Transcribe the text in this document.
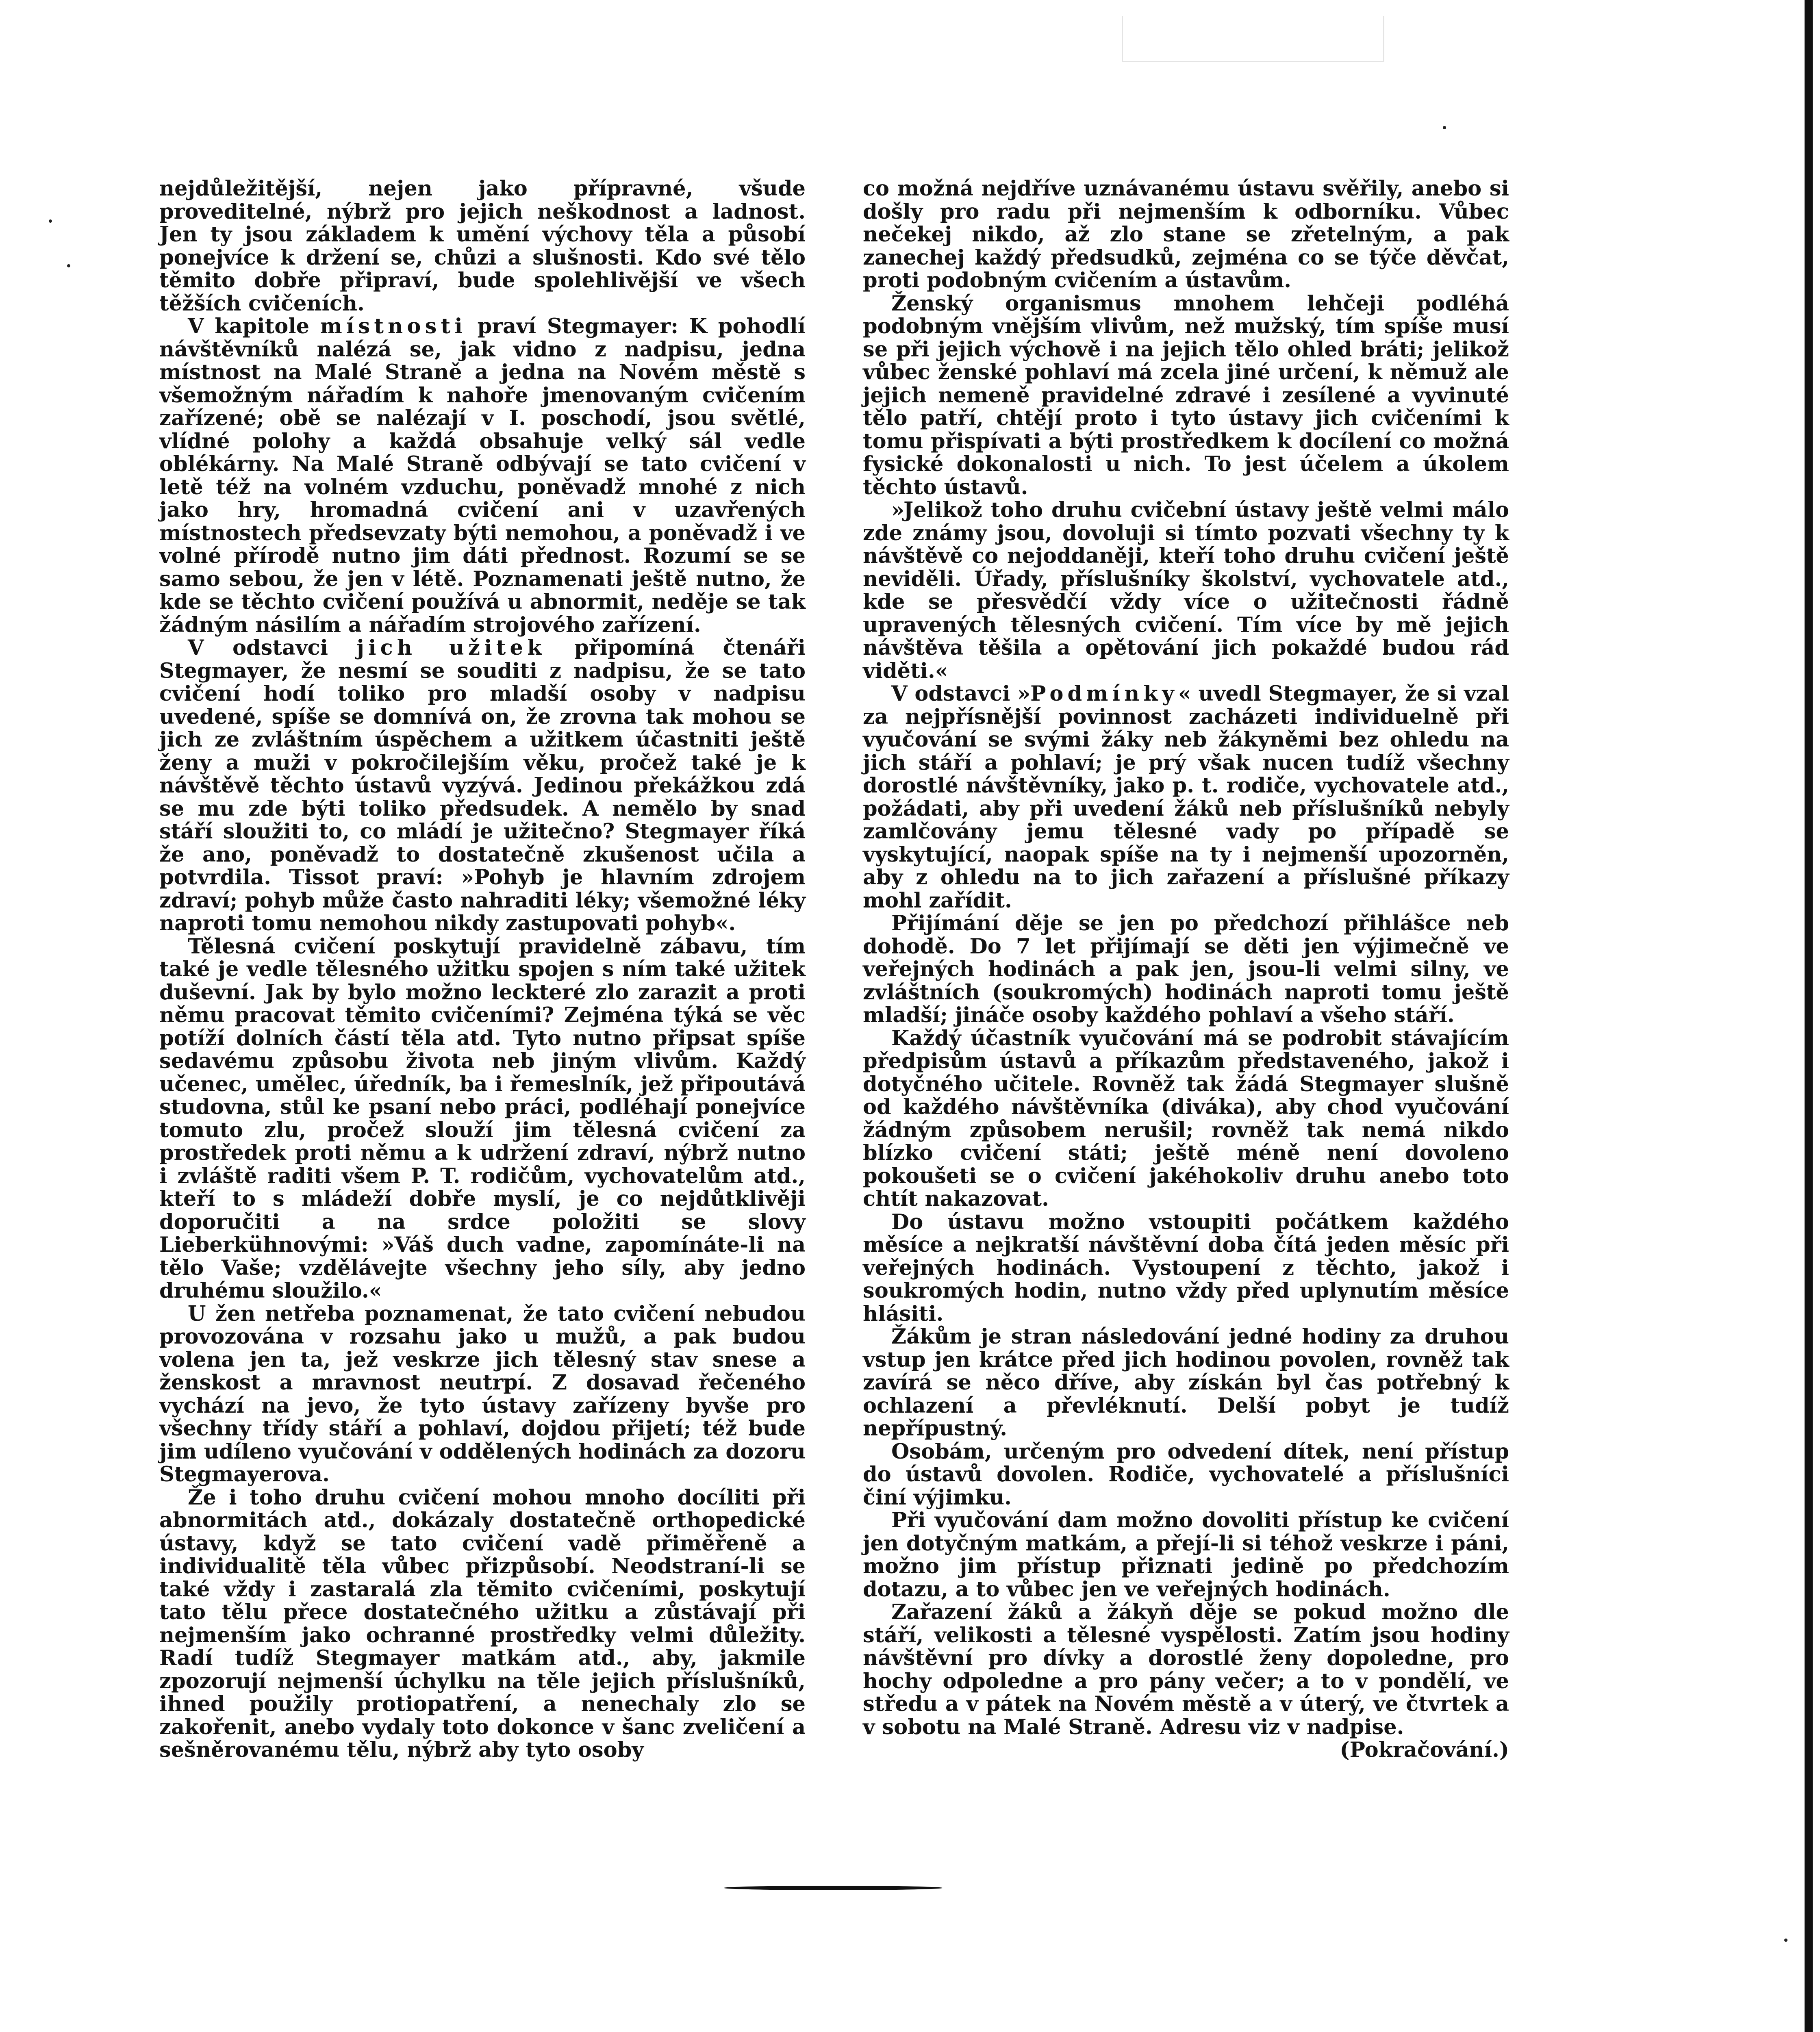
nejdůležitější, nejen jako přípravné, všude proveditelné, nýbrž pro jejich neškodnost a ladnost. Jen ty jsou základem k umění výchovy těla a působí ponejvíce k držení se, chůzi a slušnosti. Kdo své tělo těmito dobře připraví, bude spolehlivější ve všech těžších cvičeních.

V kapitole místnosti praví Stegmayer: K pohodlí návštěvníků nalézá se, jak vidno z nadpisu, jedna místnost na Malé Straně a jedna na Novém městě s všemožným nářadím k nahoře jmenovaným cvičením zařízené; obě se nalézají v I. poschodí, jsou světlé, vlídné polohy a každá obsahuje velký sál vedle oblékárny. Na Malé Straně odbývají se tato cvičení v letě též na volném vzduchu, poněvadž mnohé z nich jako hry, hromadná cvičení ani v uzavřených místnostech předsevzaty býti nemohou, a poněvadž i ve volné přírodě nutno jim dáti přednost. Rozumí se se samo sebou, že jen v létě. Poznamenati ještě nutno, že kde se těchto cvičení používá u abnormit, neděje se tak žádným násilím a nářadím strojového zařízení.

V odstavci jich užitek připomíná čtenáři Stegmayer, že nesmí se souditi z nadpisu, že se tato cvičení hodí toliko pro mladší osoby v nadpisu uvedené, spíše se domnívá on, že zrovna tak mohou se jich ze zvláštním úspěchem a užitkem účastniti ještě ženy a muži v pokročilejším věku, pročež také je k návštěvě těchto ústavů vyzývá. Jedinou překážkou zdá se mu zde býti toliko předsudek. A nemělo by snad stáří sloužiti to, co mládí je užitečno? Stegmayer říká že ano, poněvadž to dostatečně zkušenost učila a potvrdila. Tissot praví: »Pohyb je hlavním zdrojem zdraví; pohyb může často nahraditi léky; všemožné léky naproti tomu nemohou nikdy zastupovati pohyb«.

Tělesná cvičení poskytují pravidelně zábavu, tím také je vedle tělesného užitku spojen s ním také užitek duševní. Jak by bylo možno leckteré zlo zarazit a proti němu pracovat těmito cvičeními? Zejména týká se věc potíží dolních částí těla atd. Tyto nutno připsat spíše sedavému způsobu života neb jiným vlivům. Každý učenec, umělec, úředník, ba i řemeslník, jež připoutává studovna, stůl ke psaní nebo práci, podléhají ponejvíce tomuto zlu, pročež slouží jim tělesná cvičení za prostředek proti němu a k udržení zdraví, nýbrž nutno i zvláště raditi všem P. T. rodičům, vychovatelům atd., kteří to s mládeží dobře myslí, je co nejdůtklivěji doporučiti a na srdce položiti se slovy Lieberkühnovými: »Váš duch vadne, zapomínáte-li na tělo Vaše; vzdělávejte všechny jeho síly, aby jedno druhému sloužilo.«

U žen netřeba poznamenat, že tato cvičení nebudou provozována v rozsahu jako u mužů, a pak budou volena jen ta, jež veskrze jich tělesný stav snese a ženskost a mravnost neutrpí. Z dosavad řečeného vychází na jevo, že tyto ústavy zařízeny byvše pro všechny třídy stáří a pohlaví, dojdou přijetí; též bude jim udíleno vyučování v oddělených hodinách za dozoru Stegmayerova.

Že i toho druhu cvičení mohou mnoho docíliti při abnormitách atd., dokázaly dostatečně orthopedické ústavy, když se tato cvičení vadě přiměřeně a individualitě těla vůbec přizpůsobí. Neodstraní-li se také vždy i zastaralá zla těmito cvičeními, poskytují tato tělu přece dostatečného užitku a zůstávají při nejmenším jako ochranné prostředky velmi důležity. Radí tudíž Stegmayer matkám atd., aby, jakmile zpozorují nejmenší úchylku na těle jejich příslušníků, ihned použily protiopatření, a nenechaly zlo se zakořenit, anebo vydaly toto dokonce v šanc zveličení a sešněrovanému tělu, nýbrž aby tyto osoby

co možná nejdříve uznávanému ústavu svěřily, anebo si došly pro radu při nejmenším k odborníku. Vůbec nečekej nikdo, až zlo stane se zřetelným, a pak zanechej každý předsudků, zejména co se týče děvčat, proti podobným cvičením a ústavům.

Ženský organismus mnohem lehčeji podléhá podobným vnějším vlivům, než mužský, tím spíše musí se při jejich výchově i na jejich tělo ohled bráti; jelikož vůbec ženské pohlaví má zcela jiné určení, k němuž ale jejich nemeně pravidelné zdravé i zesílené a vyvinuté tělo patří, chtějí proto i tyto ústavy jich cvičeními k tomu přispívati a býti prostředkem k docílení co možná fysické dokonalosti u nich. To jest účelem a úkolem těchto ústavů.

»Jelikož toho druhu cvičební ústavy ještě velmi málo zde známy jsou, dovoluji si tímto pozvati všechny ty k návštěvě co nejoddaněji, kteří toho druhu cvičení ještě neviděli. Úřady, příslušníky školství, vychovatele atd., kde se přesvědčí vždy více o užitečnosti řádně upravených tělesných cvičení. Tím více by mě jejich návštěva těšila a opětování jich pokaždé budou rád viděti.«

V odstavci »Podmínky« uvedl Stegmayer, že si vzal za nejpřísnější povinnost zacházeti individuelně při vyučování se svými žáky neb žákyněmi bez ohledu na jich stáří a pohlaví; je prý však nucen tudíž všechny dorostlé návštěvníky, jako p. t. rodiče, vychovatele atd., požádati, aby při uvedení žáků neb příslušníků nebyly zamlčovány jemu tělesné vady po případě se vyskytující, naopak spíše na ty i nejmenší upozorněn, aby z ohledu na to jich zařazení a příslušné příkazy mohl zařídit.

Přijímání děje se jen po předchozí přihlášce neb dohodě. Do 7 let přijímají se děti jen výjimečně ve veřejných hodinách a pak jen, jsou-li velmi silny, ve zvláštních (soukromých) hodinách naproti tomu ještě mladší; jináče osoby každého pohlaví a všeho stáří.

Každý účastník vyučování má se podrobit stávajícím předpisům ústavů a příkazům představeného, jakož i dotyčného učitele. Rovněž tak žádá Stegmayer slušně od každého návštěvníka (diváka), aby chod vyučování žádným způsobem nerušil; rovněž tak nemá nikdo blízko cvičení státi; ještě méně není dovoleno pokoušeti se o cvičení jakéhokoliv druhu anebo toto chtít nakazovat.

Do ústavu možno vstoupiti počátkem každého měsíce a nejkratší návštěvní doba čítá jeden měsíc při veřejných hodinách. Vystoupení z těchto, jakož i soukromých hodin, nutno vždy před uplynutím měsíce hlásiti.

Žákům je stran následování jedné hodiny za druhou vstup jen krátce před jich hodinou povolen, rovněž tak zavírá se něco dříve, aby získán byl čas potřebný k ochlazení a převléknutí. Delší pobyt je tudíž nepřípustný.

Osobám, určeným pro odvedení dítek, není přístup do ústavů dovolen. Rodiče, vychovatelé a příslušníci činí výjimku.

Při vyučování dam možno dovoliti přístup ke cvičení jen dotyčným matkám, a přejí-li si téhož veskrze i páni, možno jim přístup přiznati jedině po předchozím dotazu, a to vůbec jen ve veřejných hodinách.

Zařazení žáků a žákyň děje se pokud možno dle stáří, velikosti a tělesné vyspělosti. Zatím jsou hodiny návštěvní pro dívky a dorostlé ženy dopoledne, pro hochy odpoledne a pro pány večer; a to v pondělí, ve středu a v pátek na Novém městě a v úterý, ve čtvrtek a v sobotu na Malé Straně. Adresu viz v nadpise.

(Pokračování.)
